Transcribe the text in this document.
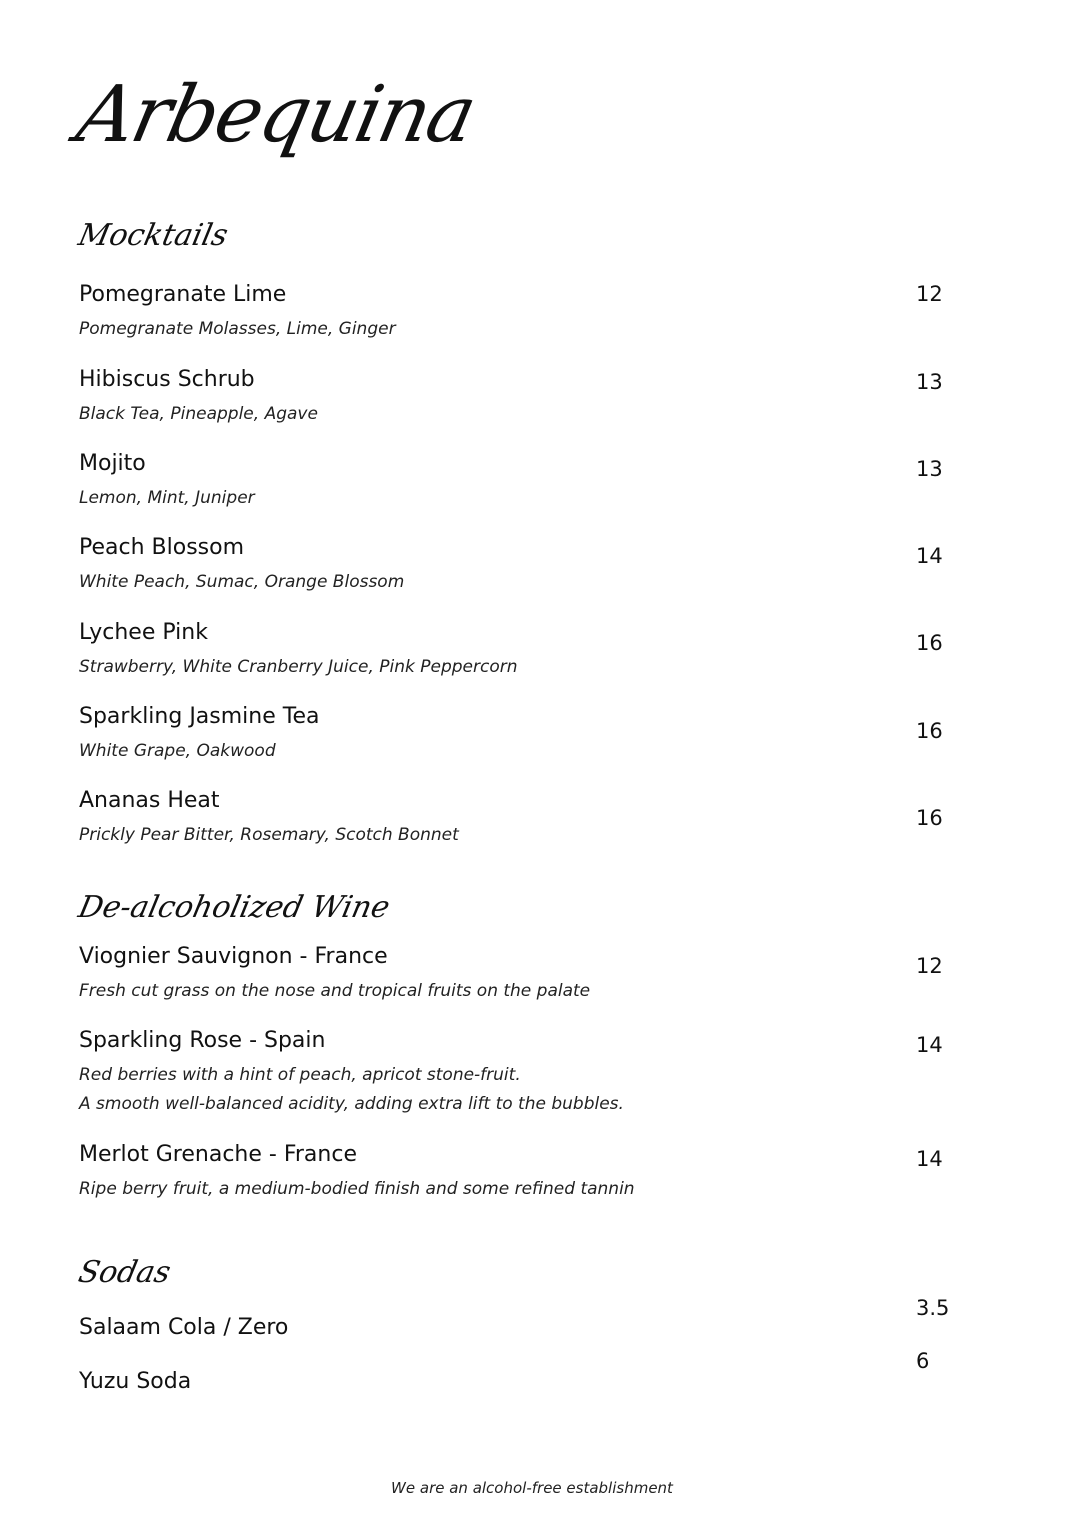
Arbequina
Mocktails
Pomegranate Lime
Pomegranate Molasses, Lime, Ginger
12
Hibiscus Schrub
Black Tea, Pineapple, Agave
13
Mojito
Lemon, Mint, Juniper
13
Peach Blossom
White Peach, Sumac, Orange Blossom
14
Lychee Pink
Strawberry, White Cranberry Juice, Pink Peppercorn
16
Sparkling Jasmine Tea
White Grape, Oakwood
16
Ananas Heat
Prickly Pear Bitter, Rosemary, Scotch Bonnet
16
De-alcoholized Wine
Viognier Sauvignon - France
Fresh cut grass on the nose and tropical fruits on the palate
12
Sparkling Rose - Spain
Red berries with a hint of peach, apricot stone-fruit.
A smooth well-balanced acidity, adding extra lift to the bubbles.
14
Merlot Grenache - France
Ripe berry fruit, a medium-bodied finish and some refined tannin
14
Sodas
Salaam Cola / Zero
3.5
Yuzu Soda
6
We are an alcohol-free establishment
